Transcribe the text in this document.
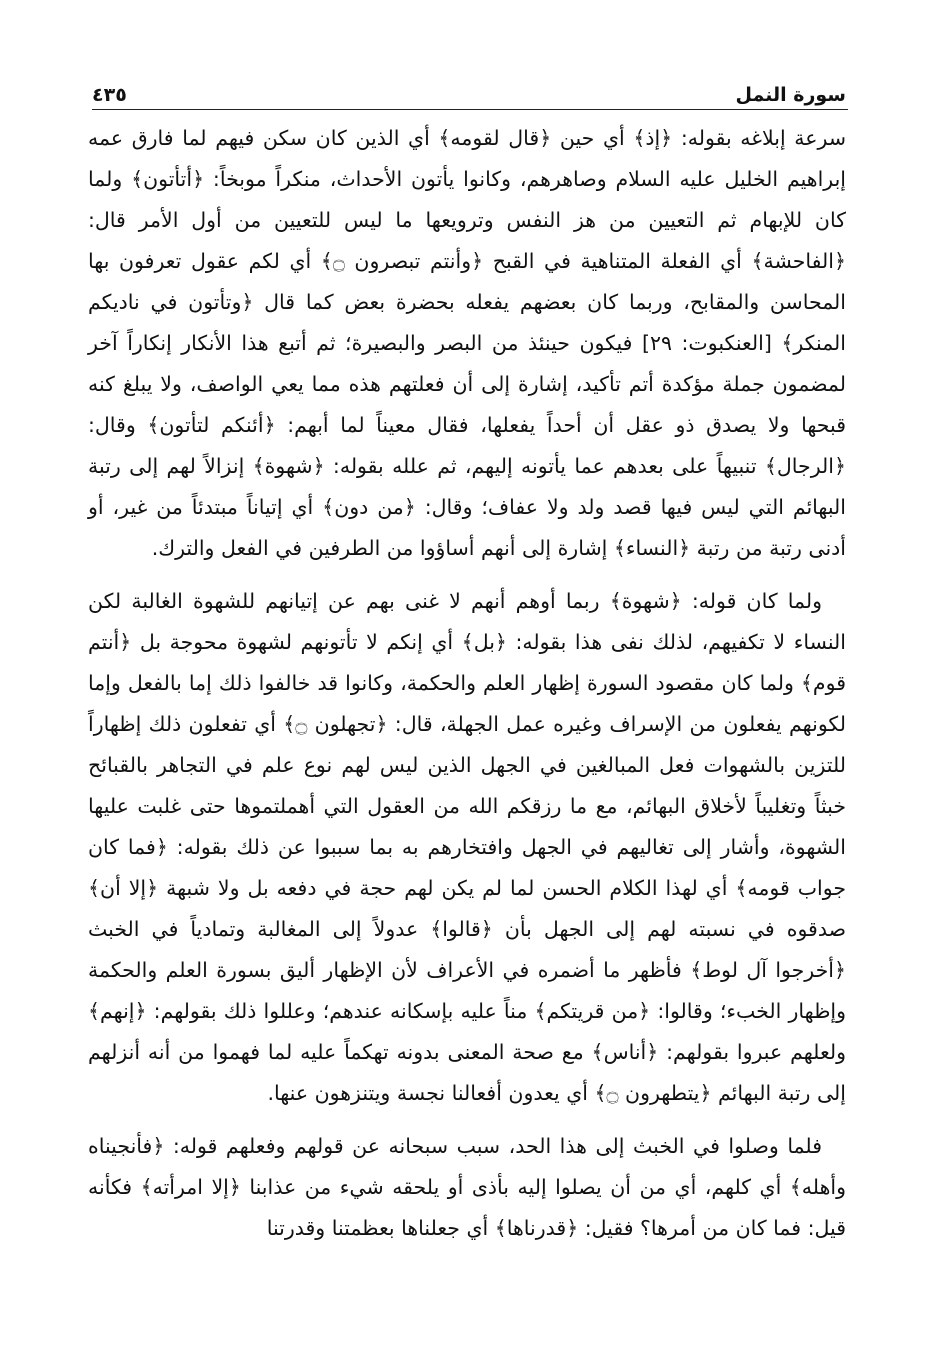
سورة النمل
٤٣٥

سرعة إبلاغه بقوله: ﴿إذ﴾ أي حين ﴿قال لقومه﴾ أي الذين كان سكن فيهم لما فارق عمه إبراهيم الخليل عليه السلام وصاهرهم، وكانوا يأتون الأحداث، منكراً موبخاً: ﴿أتأتون﴾ ولما كان للإبهام ثم التعيين من هز النفس وترويعها ما ليس للتعيين من أول الأمر قال: ﴿الفاحشة﴾ أي الفعلة المتناهية في القبح ﴿وأنتم تبصرون ۝﴾ أي لكم عقول تعرفون بها المحاسن والمقابح، وربما كان بعضهم يفعله بحضرة بعض كما قال ﴿وتأتون في ناديكم المنكر﴾ [العنكبوت: ٢٩] فيكون حينئذ من البصر والبصيرة؛ ثم أتبع هذا الأنكار إنكاراً آخر لمضمون جملة مؤكدة أتم تأكيد، إشارة إلى أن فعلتهم هذه مما يعي الواصف، ولا يبلغ كنه قبحها ولا يصدق ذو عقل أن أحداً يفعلها، فقال معيناً لما أبهم: ﴿أئنكم لتأتون﴾ وقال: ﴿الرجال﴾ تنبيهاً على بعدهم عما يأتونه إليهم، ثم علله بقوله: ﴿شهوة﴾ إنزالاً لهم إلى رتبة البهائم التي ليس فيها قصد ولد ولا عفاف؛ وقال: ﴿من دون﴾ أي إتياناً مبتدئاً من غير، أو أدنى رتبة من رتبة ﴿النساء﴾ إشارة إلى أنهم أساؤوا من الطرفين في الفعل والترك.

ولما كان قوله: ﴿شهوة﴾ ربما أوهم أنهم لا غنى بهم عن إتيانهم للشهوة الغالبة لكن النساء لا تكفيهم، لذلك نفى هذا بقوله: ﴿بل﴾ أي إنكم لا تأتونهم لشهوة محوجة بل ﴿أنتم قوم﴾ ولما كان مقصود السورة إظهار العلم والحكمة، وكانوا قد خالفوا ذلك إما بالفعل وإما لكونهم يفعلون من الإسراف وغيره عمل الجهلة، قال: ﴿تجهلون ۝﴾ أي تفعلون ذلك إظهاراً للتزين بالشهوات فعل المبالغين في الجهل الذين ليس لهم نوع علم في التجاهر بالقبائح خبثاً وتغليباً لأخلاق البهائم، مع ما رزقكم الله من العقول التي أهملتموها حتى غلبت عليها الشهوة، وأشار إلى تغاليهم في الجهل وافتخارهم به بما سببوا عن ذلك بقوله: ﴿فما كان جواب قومه﴾ أي لهذا الكلام الحسن لما لم يكن لهم حجة في دفعه بل ولا شبهة ﴿إلا أن﴾ صدقوه في نسبته لهم إلى الجهل بأن ﴿قالوا﴾ عدولاً إلى المغالبة وتمادياً في الخبث ﴿أخرجوا آل لوط﴾ فأظهر ما أضمره في الأعراف لأن الإظهار أليق بسورة العلم والحكمة وإظهار الخبء؛ وقالوا: ﴿من قريتكم﴾ مناً عليه بإسكانه عندهم؛ وعللوا ذلك بقولهم: ﴿إنهم﴾ ولعلهم عبروا بقولهم: ﴿أناس﴾ مع صحة المعنى بدونه تهكماً عليه لما فهموا من أنه أنزلهم إلى رتبة البهائم ﴿يتطهرون ۝﴾ أي يعدون أفعالنا نجسة ويتنزهون عنها.

فلما وصلوا في الخبث إلى هذا الحد، سبب سبحانه عن قولهم وفعلهم قوله: ﴿فأنجيناه وأهله﴾ أي كلهم، أي من أن يصلوا إليه بأذى أو يلحقه شيء من عذابنا ﴿إلا امرأته﴾ فكأنه قيل: فما كان من أمرها؟ فقيل: ﴿قدرناها﴾ أي جعلناها بعظمتنا وقدرتنا
